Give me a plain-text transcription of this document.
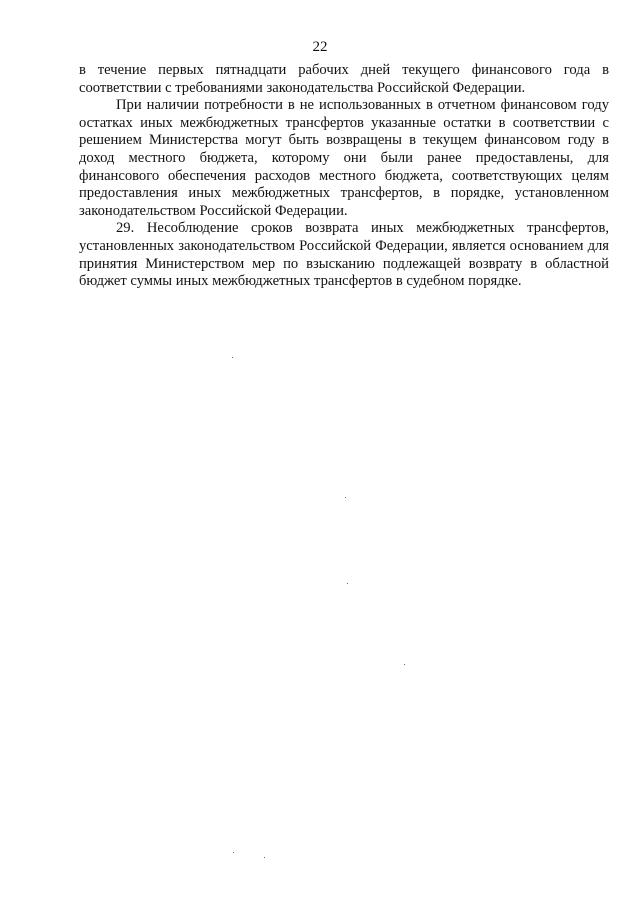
22

в течение первых пятнадцати рабочих дней текущего финансового года в соответствии с требованиями законодательства Российской Федерации.

При наличии потребности в не использованных в отчетном финансовом году остатках иных межбюджетных трансфертов указанные остатки в соответствии с решением Министерства могут быть возвращены в текущем финансовом году в доход местного бюджета, которому они были ранее предоставлены, для финансового обеспечения расходов местного бюджета, соответствующих целям предоставления иных межбюджетных трансфертов, в порядке, установленном законодательством Российской Федерации.

29. Несоблюдение сроков возврата иных межбюджетных трансфертов, установленных законодательством Российской Федерации, является основанием для принятия Министерством мер по взысканию подлежащей возврату в областной бюджет суммы иных межбюджетных трансфертов в судебном порядке.
